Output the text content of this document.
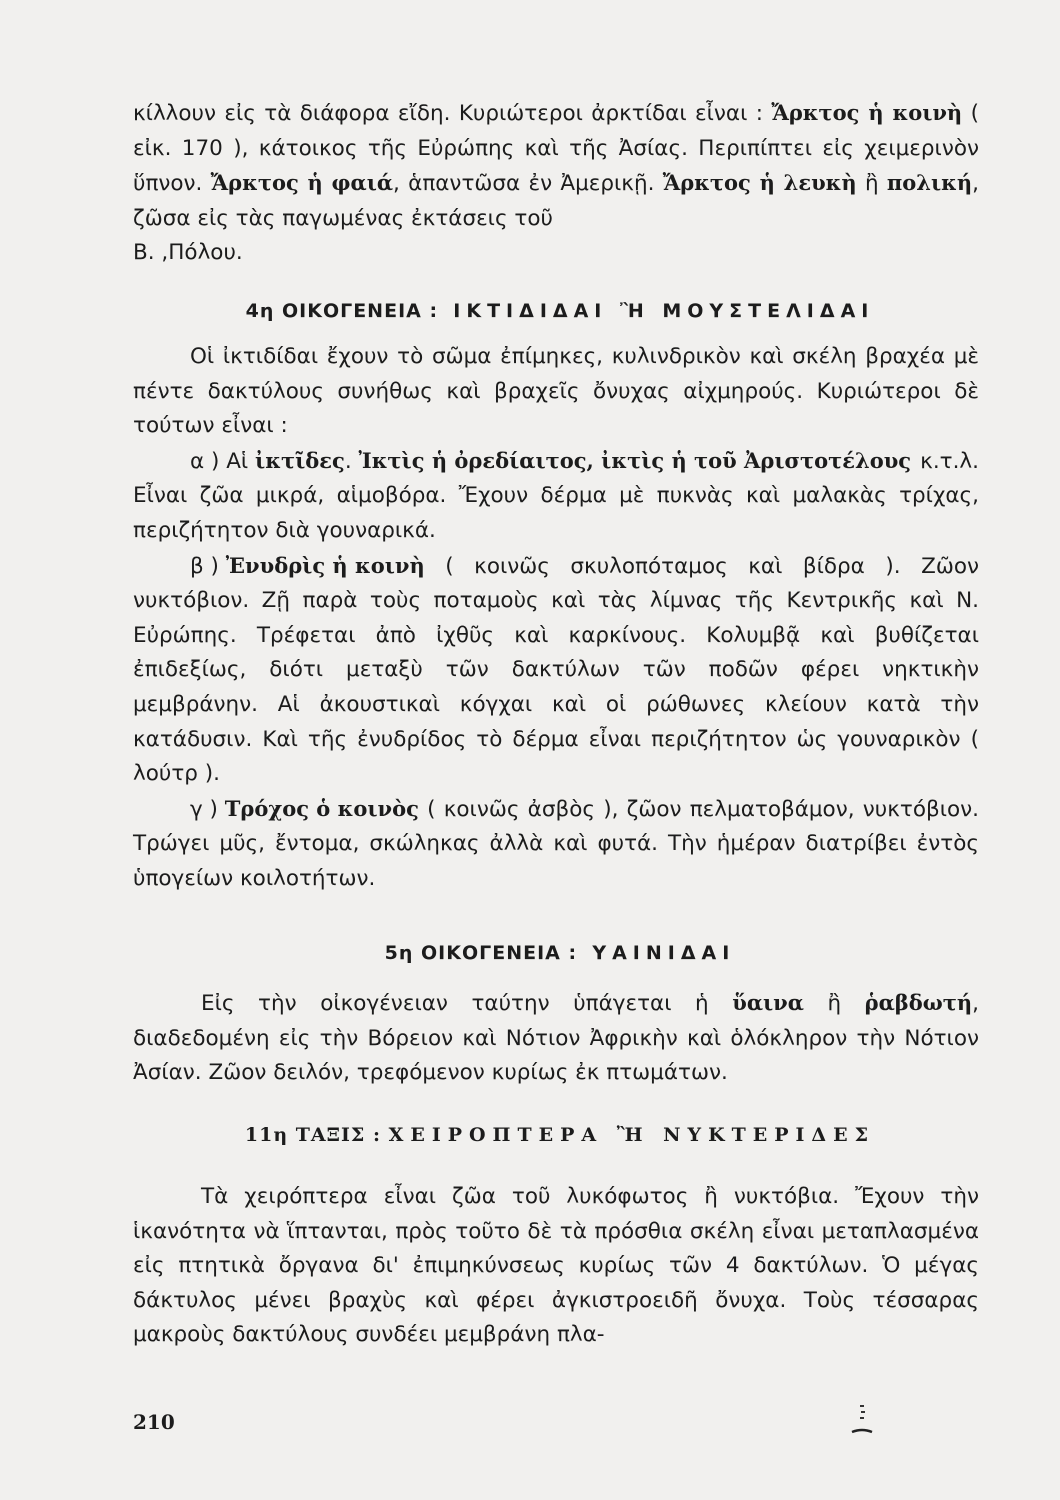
κίλλουν εἰς τὰ διάφορα εἴδη. Κυριώτεροι ἀρκτίδαι εἶναι : Ἄρκτος ἡ κοινὴ ( εἰκ. 170 ), κάτοικος τῆς Εὐρώπης καὶ τῆς Ἀσίας. Περιπίπτει εἰς χειμερινὸν ὕπνον. Ἄρκτος ἡ φαιά, ἁπαντῶσα ἐν Ἀμερικῇ. Ἄρκτος ἡ λευκὴ ἢ πολική, ζῶσα εἰς τὰς παγωμένας ἐκτάσεις τοῦ
Β. ,Πόλου.

4η ΟΙΚΟΓΕΝΕΙΑ : ΙΚΤΙΔΙΔΑΙ Ἢ ΜΟΥΣΤΕΛΙΔΑΙ

Οἱ ἰκτιδίδαι ἔχουν τὸ σῶμα ἐπίμηκες, κυλινδρικὸν καὶ σκέλη βραχέα μὲ πέντε δακτύλους συνήθως καὶ βραχεῖς ὄνυχας αἰχμηρούς. Κυριώτεροι δὲ τούτων εἶναι :
α ) Αἱ ἰκτῖδες. Ἰκτὶς ἡ ὀρεδίαιτος, ἰκτὶς ἡ τοῦ Ἀριστοτέλους κ.τ.λ. Εἶναι ζῶα μικρά, αἱμοβόρα. Ἔχουν δέρμα μὲ πυκνὰς καὶ μαλακὰς τρίχας, περιζήτητον διὰ γουναρικά.
β ) Ἐνυδρὶς ἡ κοινὴ ( κοινῶς σκυλοπόταμος καὶ βίδρα ). Ζῶον νυκτόβιον. Ζῇ παρὰ τοὺς ποταμοὺς καὶ τὰς λίμνας τῆς Κεντρικῆς καὶ Ν. Εὐρώπης. Τρέφεται ἀπὸ ἰχθῦς καὶ καρκίνους. Κολυμβᾷ καὶ βυθίζεται ἐπιδεξίως, διότι μεταξὺ τῶν δακτύλων τῶν ποδῶν φέρει νηκτικὴν μεμβράνην. Αἱ ἀκουστικαὶ κόγχαι καὶ οἱ ρώθωνες κλείουν κατὰ τὴν κατάδυσιν. Καὶ τῆς ἐνυδρίδος τὸ δέρμα εἶναι περιζήτητον ὡς γουναρικὸν ( λούτρ ).
γ ) Τρόχος ὁ κοινὸς ( κοινῶς ἀσβὸς ), ζῶον πελματοβάμον, νυκτόβιον. Τρώγει μῦς, ἔντομα, σκώληκας ἀλλὰ καὶ φυτά. Τὴν ἡμέραν διατρίβει ἐντὸς ὑπογείων κοιλοτήτων.

5η ΟΙΚΟΓΕΝΕΙΑ : ΥΑΙΝΙΔΑΙ

Εἰς τὴν οἰκογένειαν ταύτην ὑπάγεται ἡ ὕαινα ἢ ῥαβδωτή, διαδεδομένη εἰς τὴν Βόρειον καὶ Νότιον Ἀφρικὴν καὶ ὁλόκληρον τὴν Νότιον Ἀσίαν. Ζῶον δειλόν, τρεφόμενον κυρίως ἐκ πτωμάτων.

11η ΤΑΞΙΣ : ΧΕΙΡΟΠΤΕΡΑ Ἢ ΝΥΚΤΕΡΙΔΕΣ

Τὰ χειρόπτερα εἶναι ζῶα τοῦ λυκόφωτος ἢ νυκτόβια. Ἔχουν τὴν ἱκανότητα νὰ ἵπτανται, πρὸς τοῦτο δὲ τὰ πρόσθια σκέλη εἶναι μεταπλασμένα εἰς πτητικὰ ὄργανα δι' ἐπιμηκύνσεως κυρίως τῶν 4 δακτύλων. Ὁ μέγας δάκτυλος μένει βραχὺς καὶ φέρει ἀγκιστροειδῆ ὄνυχα. Τοὺς τέσσαρας μακροὺς δακτύλους συνδέει μεμβράνη πλα-

210
